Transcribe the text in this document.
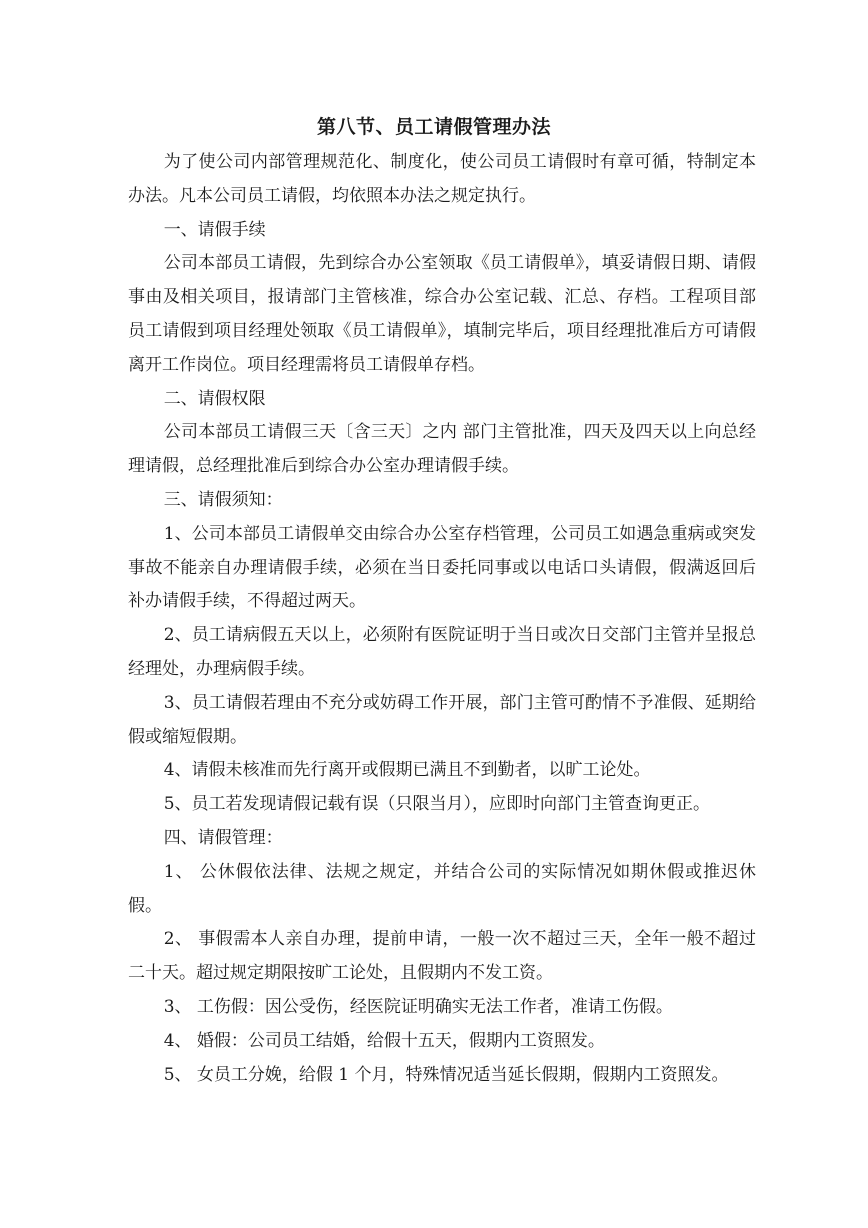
第八节、员工请假管理办法

为了使公司内部管理规范化、制度化，使公司员工请假时有章可循，特制定本办法。凡本公司员工请假，均依照本办法之规定执行。

一、请假手续

公司本部员工请假，先到综合办公室领取《员工请假单》，填妥请假日期、请假事由及相关项目，报请部门主管核准，综合办公室记载、汇总、存档。工程项目部员工请假到项目经理处领取《员工请假单》，填制完毕后，项目经理批准后方可请假离开工作岗位。项目经理需将员工请假单存档。

二、请假权限

公司本部员工请假三天〔含三天〕之内 部门主管批准，四天及四天以上向总经理请假，总经理批准后到综合办公室办理请假手续。

三、请假须知：

1、公司本部员工请假单交由综合办公室存档管理，公司员工如遇急重病或突发事故不能亲自办理请假手续，必须在当日委托同事或以电话口头请假，假满返回后补办请假手续，不得超过两天。

2、员工请病假五天以上，必须附有医院证明于当日或次日交部门主管并呈报总经理处，办理病假手续。

3、员工请假若理由不充分或妨碍工作开展，部门主管可酌情不予准假、延期给假或缩短假期。

4、请假未核准而先行离开或假期已满且不到勤者，以旷工论处。

5、员工若发现请假记载有误（只限当月），应即时向部门主管查询更正。

四、请假管理：

1、 公休假依法律、法规之规定，并结合公司的实际情况如期休假或推迟休假。

2、 事假需本人亲自办理，提前申请，一般一次不超过三天，全年一般不超过二十天。超过规定期限按旷工论处，且假期内不发工资。

3、 工伤假：因公受伤，经医院证明确实无法工作者，准请工伤假。

4、 婚假：公司员工结婚，给假十五天，假期内工资照发。

5、 女员工分娩，给假 1 个月，特殊情况适当延长假期，假期内工资照发。
